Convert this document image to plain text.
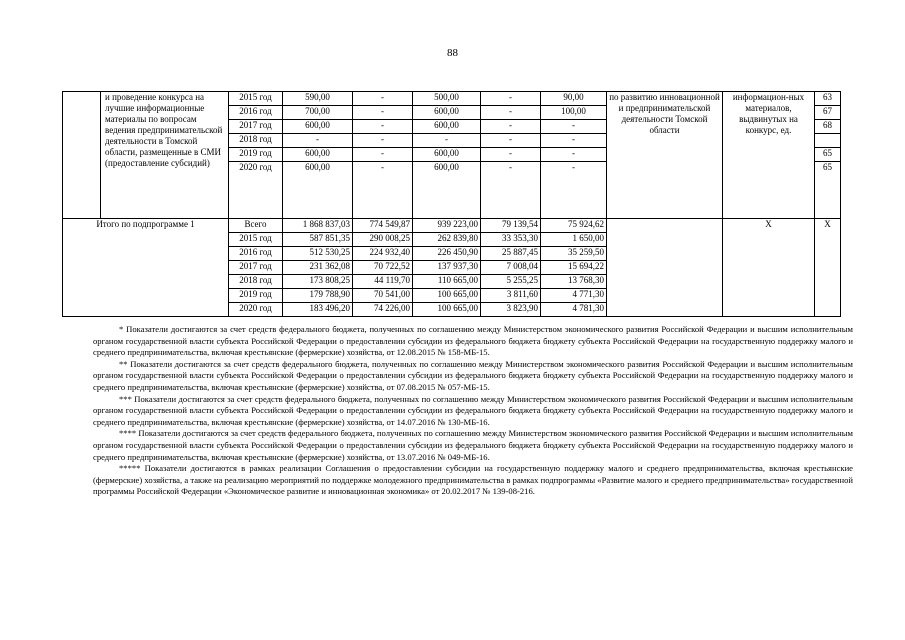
88
	и проведение конкурса на лучшие информационные материалы по вопросам ведения предпринимательской деятельности в Томской области, размещенные в СМИ (предоставление субсидий)	2015 год	590,00	-	500,00	-	90,00	по развитию инновационной и предпринимательской деятельности Томской области	информацион-ных материалов, выдвинутых на конкурс, ед.	63
		2016 год	700,00	-	600,00	-	100,00			67
		2017 год	600,00	-	600,00	-	-			68
		2018 год	-	-	-	-	-			
		2019 год	600,00	-	600,00	-	-			65
		2020 год	600,00	-	600,00	-	-			65
Итого по подпрограмме 1		Всего	1 868 837,03	774 549,87	939 223,00	79 139,54	75 924,62		X	X
		2015 год	587 851,35	290 008,25	262 839,80	33 353,30	1 650,00			
		2016 год	512 530,25	224 932,40	226 450,90	25 887,45	35 259,50			
		2017 год	231 362,08	70 722,52	137 937,30	7 008,04	15 694,22			
		2018 год	173 808,25	44 119,70	110 665,00	5 255,25	13 768,30			
		2019 год	179 788,90	70 541,00	100 665,00	3 811,60	4 771,30			
		2020 год	183 496,20	74 226,00	100 665,00	3 823,90	4 781,30			

* Показатели достигаются за счет средств федерального бюджета, полученных по соглашению между Министерством экономического развития Российской Федерации и высшим исполнительным органом государственной власти субъекта Российской Федерации о предоставлении субсидии из федерального бюджета бюджету субъекта Российской Федерации на государственную поддержку малого и среднего предпринимательства, включая крестьянские (фермерские) хозяйства, от 12.08.2015 № 158-МБ-15.

** Показатели достигаются за счет средств федерального бюджета, полученных по соглашению между Министерством экономического развития Российской Федерации и высшим исполнительным органом государственной власти субъекта Российской Федерации о предоставлении субсидии из федерального бюджета бюджету субъекта Российской Федерации на государственную поддержку малого и среднего предпринимательства, включая крестьянские (фермерские) хозяйства, от 07.08.2015 № 057-МБ-15.

*** Показатели достигаются за счет средств федерального бюджета, полученных по соглашению между Министерством экономического развития Российской Федерации и высшим исполнительным органом государственной власти субъекта Российской Федерации о предоставлении субсидии из федерального бюджета бюджету субъекта Российской Федерации на государственную поддержку малого и среднего предпринимательства, включая крестьянские (фермерские) хозяйства, от 14.07.2016 № 130-МБ-16.

**** Показатели достигаются за счет средств федерального бюджета, полученных по соглашению между Министерством экономического развития Российской Федерации и высшим исполнительным органом государственной власти субъекта Российской Федерации о предоставлении субсидии из федерального бюджета бюджету субъекта Российской Федерации на государственную поддержку малого и среднего предпринимательства, включая крестьянские (фермерские) хозяйства, от 13.07.2016 № 049-МБ-16.

***** Показатели достигаются в рамках реализации Соглашения о предоставлении субсидии на государственную поддержку малого и среднего предпринимательства, включая крестьянские (фермерские) хозяйства, а также на реализацию мероприятий по поддержке молодежного предпринимательства в рамках подпрограммы «Развитие малого и среднего предпринимательства» государственной программы Российской Федерации «Экономическое развитие и инновационная экономика» от 20.02.2017 № 139-08-216.
